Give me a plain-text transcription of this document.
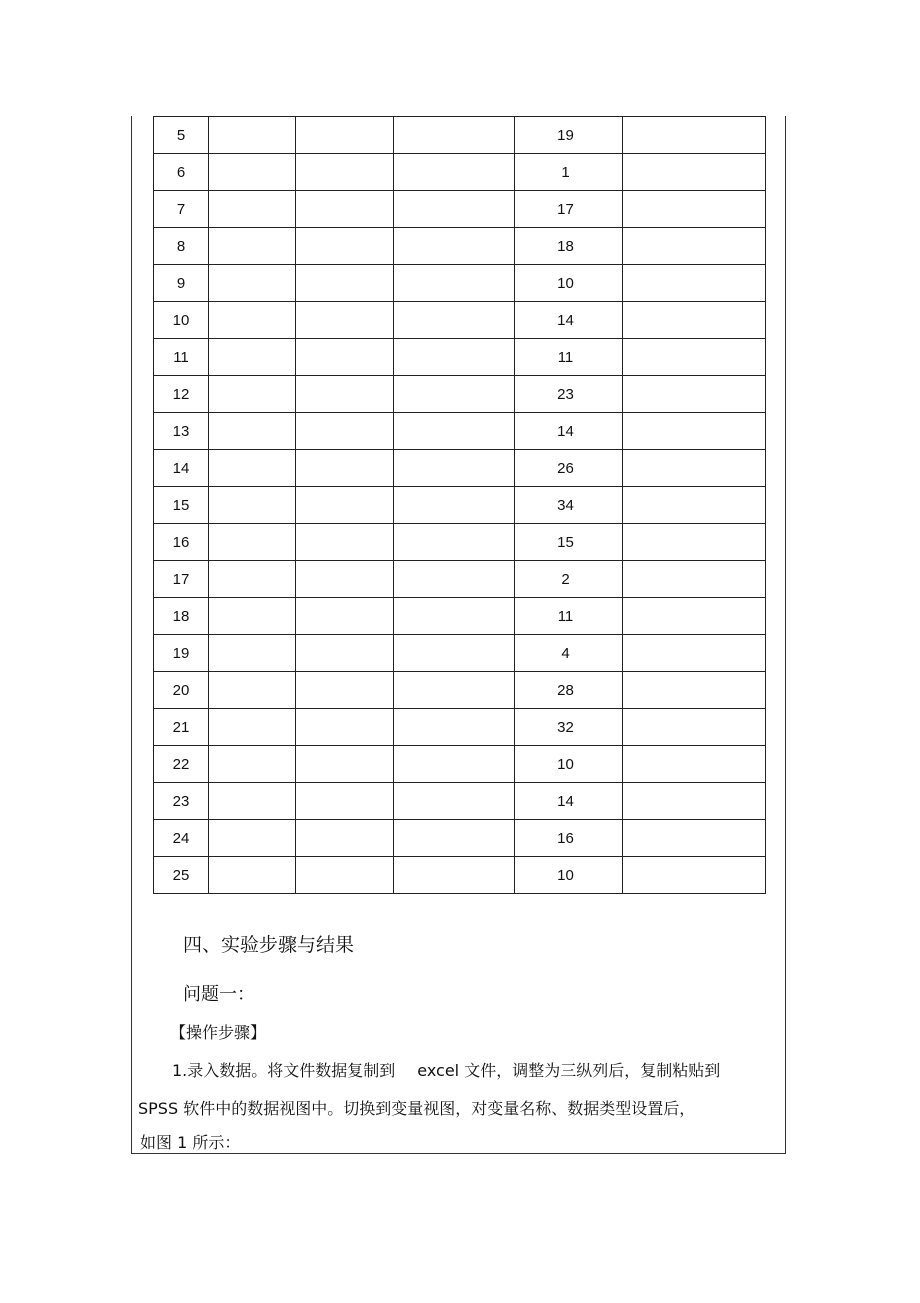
5				19	
6				1	
7				17	
8				18	
9				10	
10				14	
11				11	
12				23	
13				14	
14				26	
15				34	
16				15	
17				2	
18				11	
19				4	
20				28	
21				32	
22				10	
23				14	
24				16	
25				10	
四、实验步骤与结果
问题一：
【操作步骤】
1.录入数据。将文件数据复制到 excel 文件，调整为三纵列后，复制粘贴到
SPSS 软件中的数据视图中。切换到变量视图，对变量名称、数据类型设置后，
如图 1 所示：
